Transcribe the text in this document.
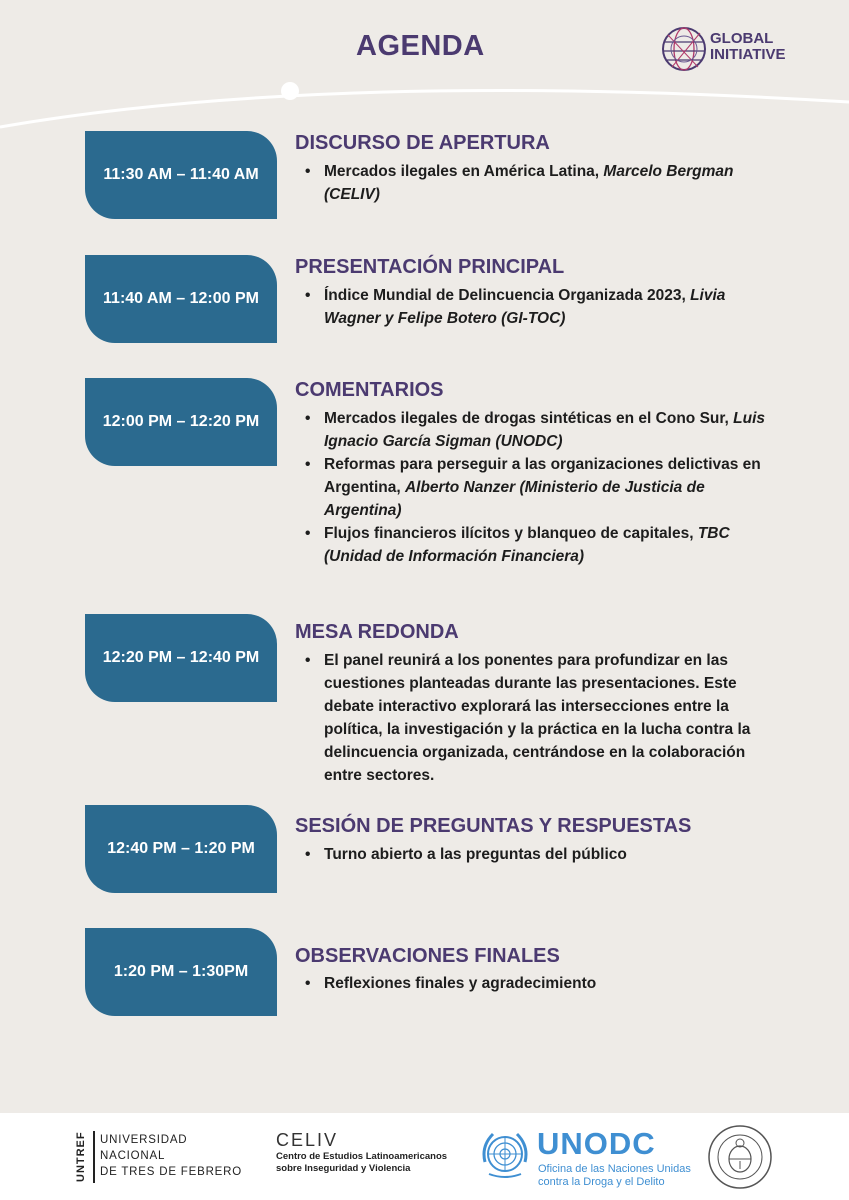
AGENDA	GLOBAL
INITIATIVE
11:30 AM – 11:40 AM
DISCURSO DE APERTURA
• Mercados ilegales en América Latina, Marcelo Bergman (CELIV)
11:40 AM – 12:00 PM
PRESENTACIÓN PRINCIPAL
• Índice Mundial de Delincuencia Organizada 2023, Livia Wagner y Felipe Botero (GI-TOC)
12:00 PM – 12:20 PM
COMENTARIOS
• Mercados ilegales de drogas sintéticas en el Cono Sur, Luis Ignacio García Sigman (UNODC)
• Reformas para perseguir a las organizaciones delictivas en Argentina, Alberto Nanzer (Ministerio de Justicia de Argentina)
• Flujos financieros ilícitos y blanqueo de capitales, TBC (Unidad de Información Financiera)
12:20 PM – 12:40 PM
MESA REDONDA
• El panel reunirá a los ponentes para profundizar en las cuestiones planteadas durante las presentaciones. Este debate interactivo explorará las intersecciones entre la política, la investigación y la práctica en la lucha contra la delincuencia organizada, centrándose en la colaboración entre sectores.
12:40 PM – 1:20 PM
SESIÓN DE PREGUNTAS Y RESPUESTAS
• Turno abierto a las preguntas del público
1:20 PM – 1:30PM
OBSERVACIONES FINALES
• Reflexiones finales y agradecimiento
UNTREF	UNIVERSIDAD
NACIONAL
DE TRES DE FEBRERO
CELIV
Centro de Estudios Latinoamericanos
sobre Inseguridad y Violencia
UNODC
Oficina de las Naciones Unidas
contra la Droga y el Delito
